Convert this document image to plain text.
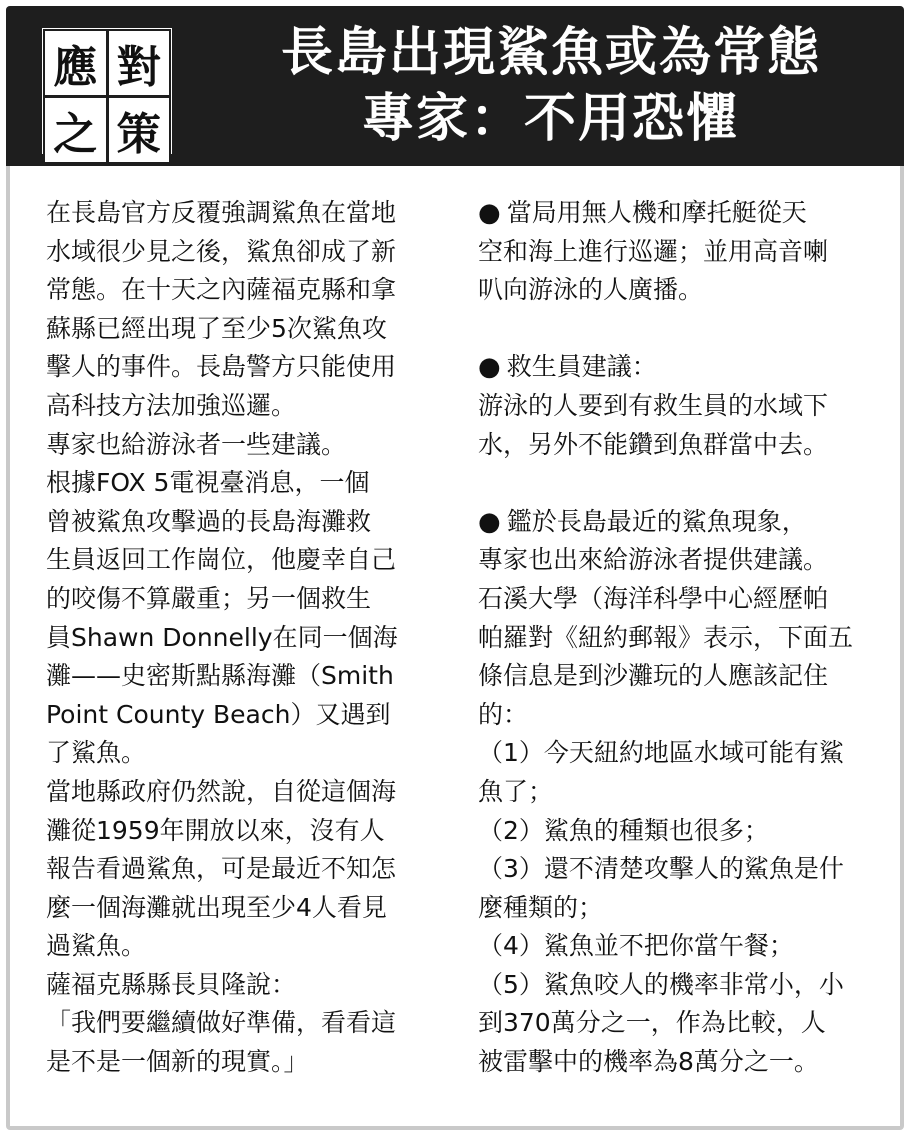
應 對
之 策
長島出現鯊魚或為常態
專家：不用恐懼

在長島官方反覆強調鯊魚在當地

水域很少見之後，鯊魚卻成了新

常態。在十天之內薩福克縣和拿

蘇縣已經出現了至少5次鯊魚攻

擊人的事件。長島警方只能使用

高科技方法加強巡邏。

專家也給游泳者一些建議。

根據FOX 5電視臺消息，一個

曾被鯊魚攻擊過的長島海灘救

生員返回工作崗位，他慶幸自己

的咬傷不算嚴重；另一個救生

員Shawn Donnelly在同一個海

灘——史密斯點縣海灘（Smith

Point County Beach）又遇到

了鯊魚。

當地縣政府仍然說，自從這個海

灘從1959年開放以來，沒有人

報告看過鯊魚，可是最近不知怎

麼一個海灘就出現至少4人看見

過鯊魚。

薩福克縣縣長貝隆說：

「我們要繼續做好準備，看看這

是不是一個新的現實。」

● 當局用無人機和摩托艇從天

空和海上進行巡邏；並用高音喇

叭向游泳的人廣播。

● 救生員建議：

游泳的人要到有救生員的水域下

水，另外不能鑽到魚群當中去。

● 鑑於長島最近的鯊魚現象，

專家也出來給游泳者提供建議。

石溪大學（海洋科學中心經歷帕

帕羅對《紐約郵報》表示，下面五

條信息是到沙灘玩的人應該記住

的：

（1）今天紐約地區水域可能有鯊

魚了；

（2）鯊魚的種類也很多；

（3）還不清楚攻擊人的鯊魚是什

麼種類的；

（4）鯊魚並不把你當午餐；

（5）鯊魚咬人的機率非常小，小

到370萬分之一，作為比較，人

被雷擊中的機率為8萬分之一。
